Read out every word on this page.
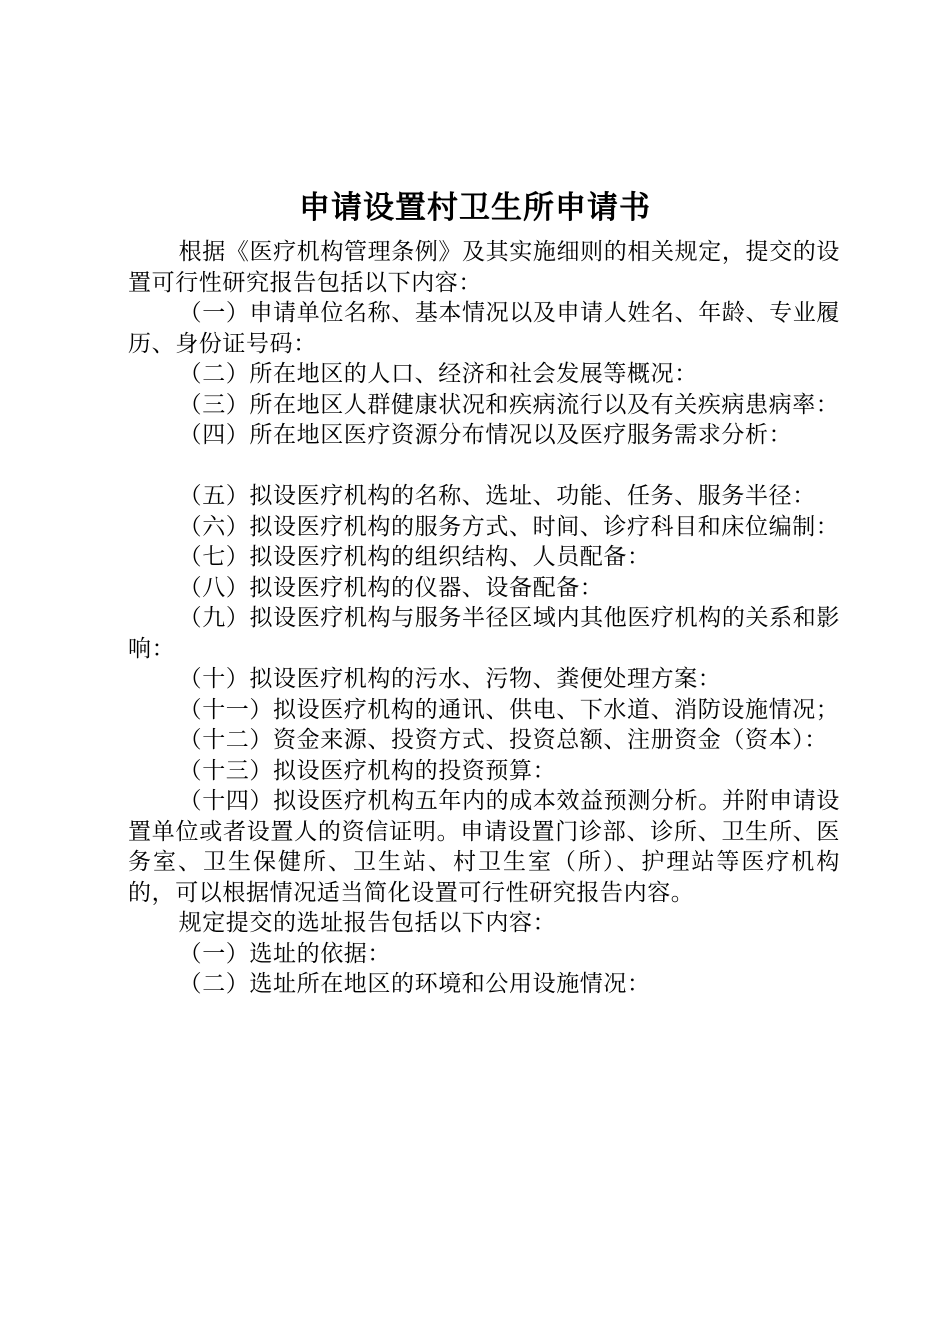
申请设置村卫生所申请书

根据《医疗机构管理条例》及其实施细则的相关规定，提交的设置可行性研究报告包括以下内容：

（一）申请单位名称、基本情况以及申请人姓名、年龄、专业履历、身份证号码：

（二）所在地区的人口、经济和社会发展等概况：

（三）所在地区人群健康状况和疾病流行以及有关疾病患病率：

（四）所在地区医疗资源分布情况以及医疗服务需求分析：

（五）拟设医疗机构的名称、选址、功能、任务、服务半径：

（六）拟设医疗机构的服务方式、时间、诊疗科目和床位编制：

（七）拟设医疗机构的组织结构、人员配备：

（八）拟设医疗机构的仪器、设备配备：

（九）拟设医疗机构与服务半径区域内其他医疗机构的关系和影响：

（十）拟设医疗机构的污水、污物、粪便处理方案：

（十一）拟设医疗机构的通讯、供电、下水道、消防设施情况；

（十二）资金来源、投资方式、投资总额、注册资金（资本）：

（十三）拟设医疗机构的投资预算：

（十四）拟设医疗机构五年内的成本效益预测分析。并附申请设置单位或者设置人的资信证明。申请设置门诊部、诊所、卫生所、医务室、卫生保健所、卫生站、村卫生室（所）、护理站等医疗机构的，可以根据情况适当简化设置可行性研究报告内容。

规定提交的选址报告包括以下内容：

（一）选址的依据：

（二）选址所在地区的环境和公用设施情况：
